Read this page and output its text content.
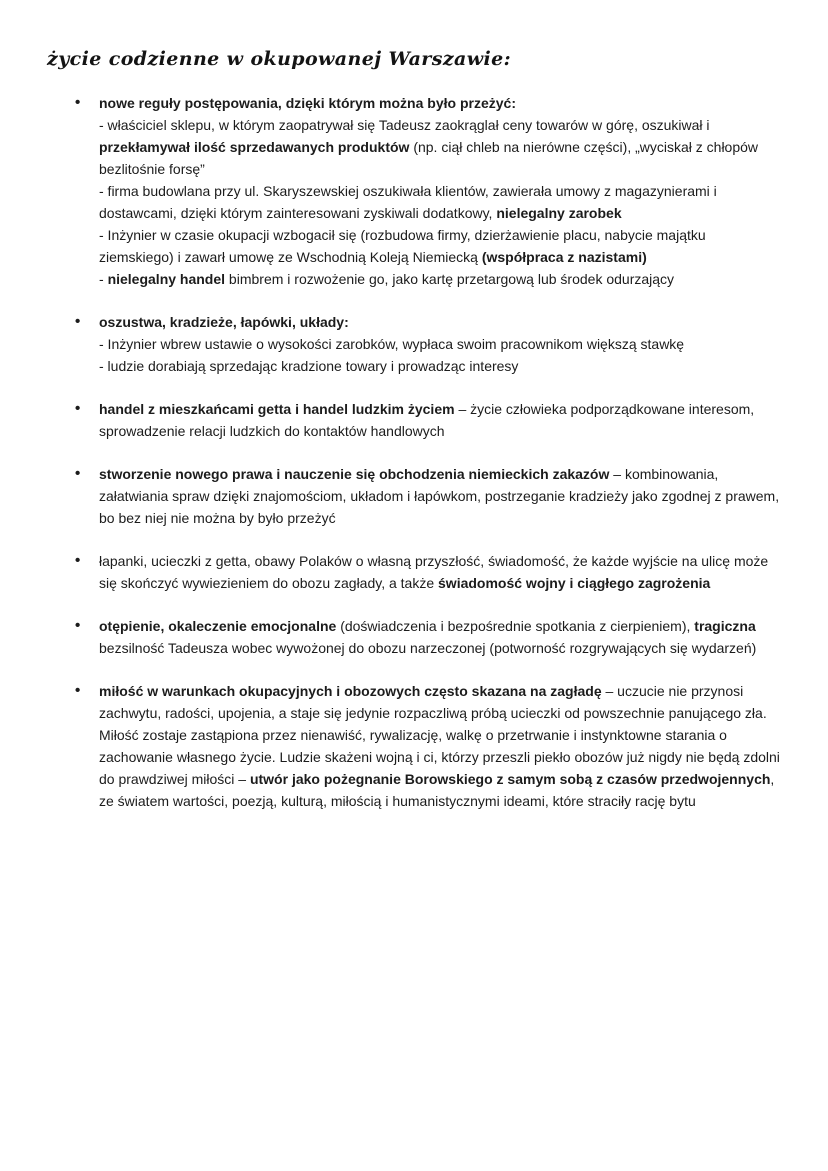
życie codzienne w okupowanej Warszawie:
• nowe reguły postępowania, dzięki którym można było przeżyć:
- właściciel sklepu, w którym zaopatrywał się Tadeusz zaokrąglał ceny towarów w górę, oszukiwał i przekłamywał ilość sprzedawanych produktów (np. ciął chleb na nierówne części), „wyciskał z chłopów bezlitośnie forsę”
- firma budowlana przy ul. Skaryszewskiej oszukiwała klientów, zawierała umowy z magazynierami i dostawcami, dzięki którym zainteresowani zyskiwali dodatkowy, nielegalny zarobek
- Inżynier w czasie okupacji wzbogacił się (rozbudowa firmy, dzierżawienie placu, nabycie majątku ziemskiego) i zawarł umowę ze Wschodnią Koleją Niemiecką (współpraca z nazistami)
- nielegalny handel bimbrem i rozwożenie go, jako kartę przetargową lub środek odurzający
• oszustwa, kradzieże, łapówki, układy:
- Inżynier wbrew ustawie o wysokości zarobków, wypłaca swoim pracownikom większą stawkę
- ludzie dorabiają sprzedając kradzione towary i prowadząc interesy
• handel z mieszkańcami getta i handel ludzkim życiem – życie człowieka podporządkowane interesom, sprowadzenie relacji ludzkich do kontaktów handlowych
• stworzenie nowego prawa i nauczenie się obchodzenia niemieckich zakazów – kombinowania, załatwiania spraw dzięki znajomościom, układom i łapówkom, postrzeganie kradzieży jako zgodnej z prawem, bo bez niej nie można by było przeżyć
• łapanki, ucieczki z getta, obawy Polaków o własną przyszłość, świadomość, że każde wyjście na ulicę może się skończyć wywiezieniem do obozu zagłady, a także świadomość wojny i ciągłego zagrożenia
• otępienie, okaleczenie emocjonalne (doświadczenia i bezpośrednie spotkania z cierpieniem), tragiczna bezsilność Tadeusza wobec wywożonej do obozu narzeczonej (potworność rozgrywających się wydarzeń)
• miłość w warunkach okupacyjnych i obozowych często skazana na zagładę – uczucie nie przynosi zachwytu, radości, upojenia, a staje się jedynie rozpaczliwą próbą ucieczki od powszechnie panującego zła. Miłość zostaje zastąpiona przez nienawiść, rywalizację, walkę o przetrwanie i instynktowne starania o zachowanie własnego życie. Ludzie skażeni wojną i ci, którzy przeszli piekło obozów już nigdy nie będą zdolni do prawdziwej miłości – utwór jako pożegnanie Borowskiego z samym sobą z czasów przedwojennych, ze światem wartości, poezją, kulturą, miłością i humanistycznymi ideami, które straciły rację bytu
